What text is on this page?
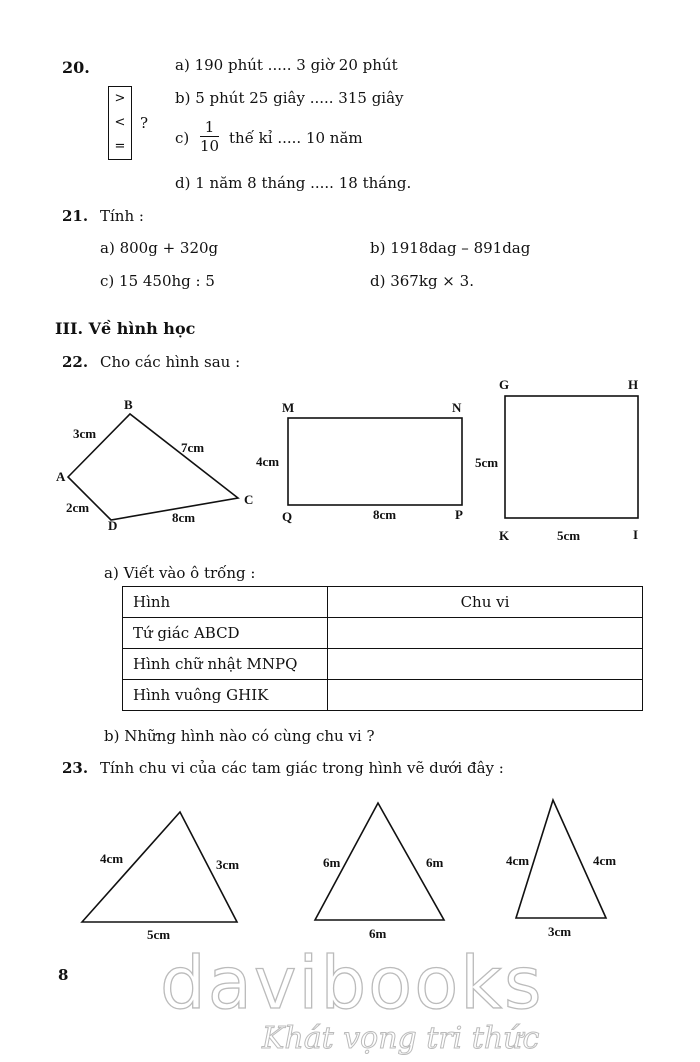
20.
>
<
=
?
a) 190 phút ..... 3 giờ 20 phút
b) 5 phút 25 giây ..... 315 giây
$c) \frac{1}{10}$ thế kỉ ..... 10 năm
d) 1 năm 8 tháng ..... 18 tháng.
21. Tính :
a) 800g + 320g	b) 1918dag – 891dag
c) 15 450hg : 5	d) 367kg × 3.
III. Về hình học
22. Cho các hình sau :
B
A
C
D
3cm
7cm
8cm
2cm
M	N
P
Q
4cm
8cm
G	H
I
K
5cm
5cm
a) Viết vào ô trống :
Hình	Chu vi
Tứ giác ABCD	
Hình chữ nhật MNPQ	
Hình vuông GHIK	
b) Những hình nào có cùng chu vi ?
23. Tính chu vi của các tam giác trong hình vẽ dưới đây :
4cm	3cm
5cm
6m	6m
6m
4cm	4cm
3cm
8 davibooks
Khát vọng tri thức
